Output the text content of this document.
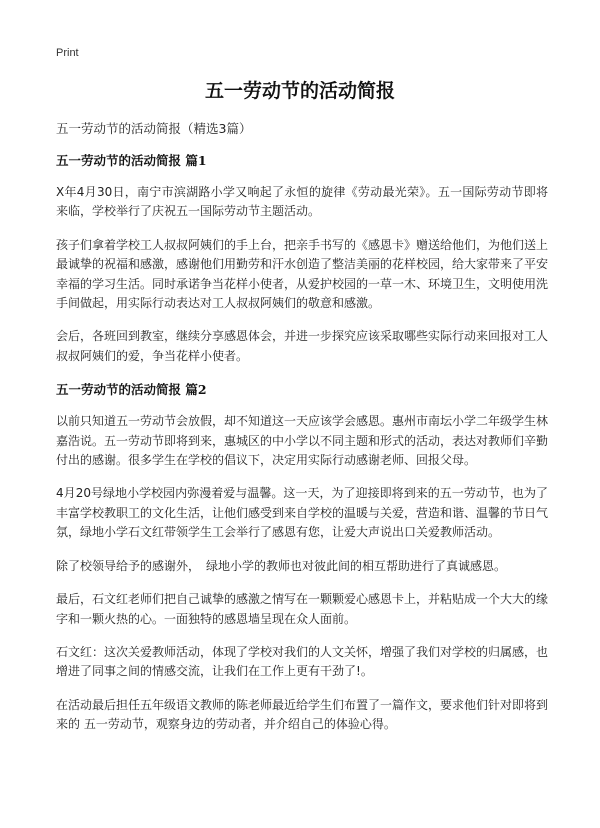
Print
五一劳动节的活动简报

五一劳动节的活动简报（精选3篇）

五一劳动节的活动简报 篇1

X年4月30日，南宁市滨湖路小学又响起了永恒的旋律《劳动最光荣》。五一国际劳动节即将来临，学校举行了庆祝五一国际劳动节主题活动。

孩子们拿着学校工人叔叔阿姨们的手上台，把亲手书写的《感恩卡》赠送给他们，为他们送上最诚挚的祝福和感激，感谢他们用勤劳和汗水创造了整洁美丽的花样校园，给大家带来了平安幸福的学习生活。同时承诺争当花样小使者，从爱护校园的一草一木、环境卫生，文明使用洗手间做起，用实际行动表达对工人叔叔阿姨们的敬意和感激。

会后，各班回到教室，继续分享感恩体会，并进一步探究应该采取哪些实际行动来回报对工人叔叔阿姨们的爱，争当花样小使者。

五一劳动节的活动简报 篇2

以前只知道五一劳动节会放假，却不知道这一天应该学会感恩。惠州市南坛小学二年级学生林嘉浩说。五一劳动节即将到来，惠城区的中小学以不同主题和形式的活动，表达对教师们辛勤付出的感谢。很多学生在学校的倡议下，决定用实际行动感谢老师、回报父母。

4月20号绿地小学校园内弥漫着爱与温馨。这一天，为了迎接即将到来的五一劳动节，也为了丰富学校教职工的文化生活，让他们感受到来自学校的温暖与关爱，营造和谐、温馨的节日气氛，绿地小学石文红带领学生工会举行了感恩有您，让爱大声说出口关爱教师活动。

除了校领导给予的感谢外，　绿地小学的教师也对彼此间的相互帮助进行了真诚感恩。

最后，石文红老师们把自己诚挚的感激之情写在一颗颗爱心感恩卡上，并粘贴成一个大大的缘字和一颗火热的心。一面独特的感恩墙呈现在众人面前。

石文红：这次关爱教师活动，体现了学校对我们的人文关怀，增强了我们对学校的归属感，也增进了同事之间的情感交流，让我们在工作上更有干劲了!。

在活动最后担任五年级语文教师的陈老师最近给学生们布置了一篇作文，要求他们针对即将到来的 五一劳动节，观察身边的劳动者，并介绍自己的体验心得。
